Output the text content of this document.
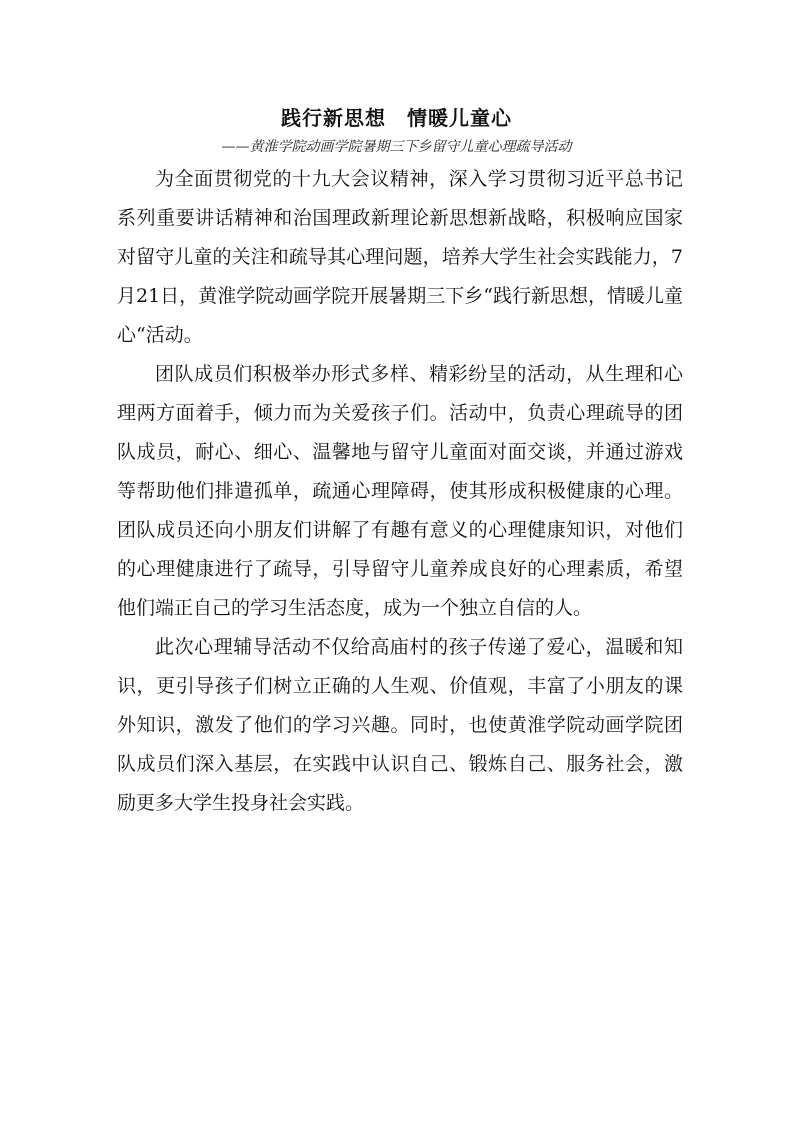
践行新思想　情暖儿童心
——黄淮学院动画学院暑期三下乡留守儿童心理疏导活动

为全面贯彻党的十九大会议精神，深入学习贯彻习近平总书记系列重要讲话精神和治国理政新理论新思想新战略，积极响应国家对留守儿童的关注和疏导其心理问题，培养大学生社会实践能力，7月21日，黄淮学院动画学院开展暑期三下乡“践行新思想，情暖儿童心“活动。

团队成员们积极举办形式多样、精彩纷呈的活动，从生理和心理两方面着手，倾力而为关爱孩子们。活动中，负责心理疏导的团队成员，耐心、细心、温馨地与留守儿童面对面交谈，并通过游戏等帮助他们排遣孤单，疏通心理障碍，使其形成积极健康的心理。团队成员还向小朋友们讲解了有趣有意义的心理健康知识，对他们的心理健康进行了疏导，引导留守儿童养成良好的心理素质，希望他们端正自己的学习生活态度，成为一个独立自信的人。

此次心理辅导活动不仅给高庙村的孩子传递了爱心，温暖和知识，更引导孩子们树立正确的人生观、价值观，丰富了小朋友的课外知识，激发了他们的学习兴趣。同时，也使黄淮学院动画学院团队成员们深入基层，在实践中认识自己、锻炼自己、服务社会，激励更多大学生投身社会实践。
